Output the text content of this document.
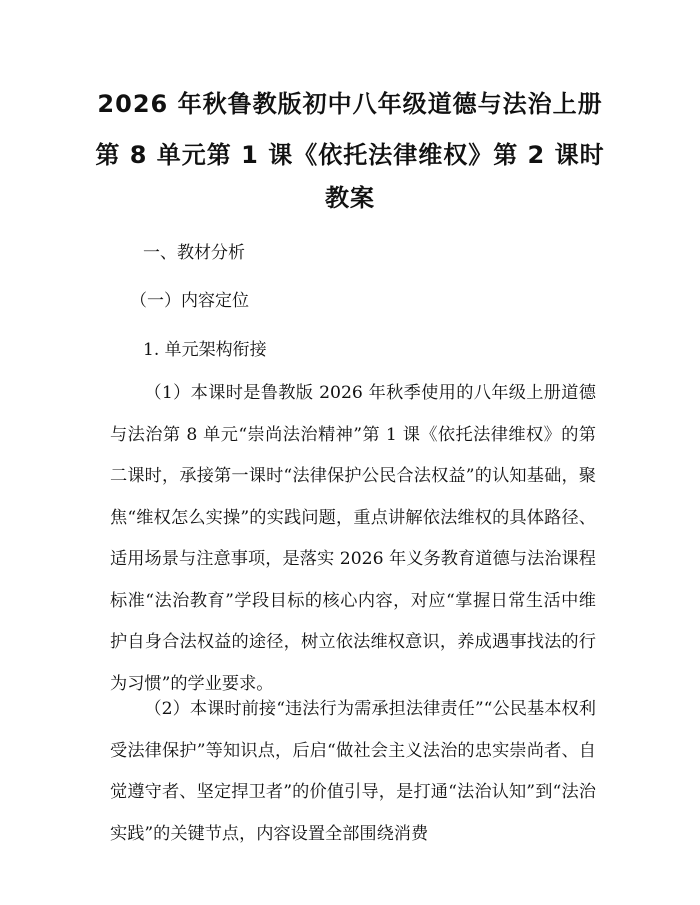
2026 年秋鲁教版初中八年级道德与法治上册
第 8 单元第 1 课《依托法律维权》第 2 课时
教案
一、教材分析
（一）内容定位
1. 单元架构衔接

（1）本课时是鲁教版 2026 年秋季使用的八年级上册道德与法治第 8 单元“崇尚法治精神”第 1 课《依托法律维权》的第二课时，承接第一课时“法律保护公民合法权益”的认知基础，聚焦“维权怎么实操”的实践问题，重点讲解依法维权的具体路径、适用场景与注意事项，是落实 2026 年义务教育道德与法治课程标准“法治教育”学段目标的核心内容，对应“掌握日常生活中维护自身合法权益的途径，树立依法维权意识，养成遇事找法的行为习惯”的学业要求。

（2）本课时前接“违法行为需承担法律责任”“公民基本权利受法律保护”等知识点，后启“做社会主义法治的忠实崇尚者、自觉遵守者、坚定捍卫者”的价值引导，是打通“法治认知”到“法治实践”的关键节点，内容设置全部围绕消费
